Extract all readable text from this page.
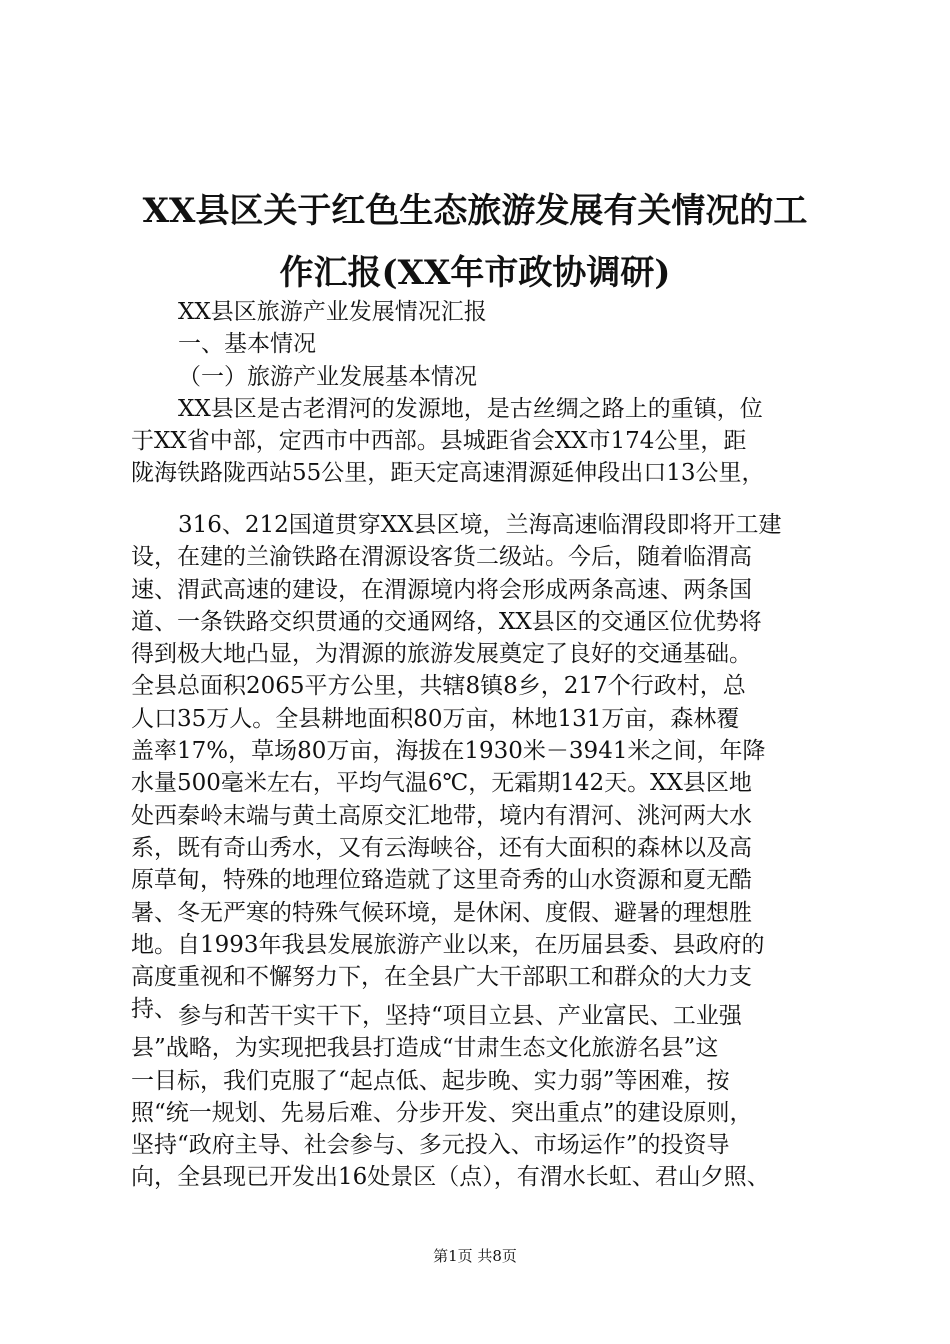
XX县区关于红色生态旅游发展有关情况的工
作汇报(XX年市政协调研)
XX县区旅游产业发展情况汇报
一、基本情况
（一）旅游产业发展基本情况
XX县区是古老渭河的发源地，是古丝绸之路上的重镇，位
于XX省中部，定西市中西部。县城距省会XX市174公里，距
陇海铁路陇西站55公里，距天定高速渭源延伸段出口13公里，
316、212国道贯穿XX县区境，兰海高速临渭段即将开工建
设，在建的兰渝铁路在渭源设客货二级站。今后，随着临渭高
速、渭武高速的建设，在渭源境内将会形成两条高速、两条国
道、一条铁路交织贯通的交通网络，XX县区的交通区位优势将
得到极大地凸显，为渭源的旅游发展奠定了良好的交通基础。
全县总面积2065平方公里，共辖8镇8乡，217个行政村，总
人口35万人。全县耕地面积80万亩，林地131万亩，森林覆
盖率17%，草场80万亩，海拔在1930米－3941米之间，年降
水量500毫米左右，平均气温6℃，无霜期142天。XX县区地
处西秦岭末端与黄土高原交汇地带，境内有渭河、洮河两大水
系，既有奇山秀水，又有云海峡谷，还有大面积的森林以及高
原草甸，特殊的地理位臵造就了这里奇秀的山水资源和夏无酷
暑、冬无严寒的特殊气候环境，是休闲、度假、避暑的理想胜
地。自1993年我县发展旅游产业以来，在历届县委、县政府的
高度重视和不懈努力下，在全县广大干部职工和群众的大力支
持、 参与和苦干实干下，坚持“项目立县、产业富民、工业强
县”战略，为实现把我县打造成“甘肃生态文化旅游名县”这
一目标，我们克服了“起点低、起步晚、实力弱”等困难，按
照“统一规划、先易后难、分步开发、突出重点”的建设原则，
坚持“政府主导、社会参与、多元投入、市场运作”的投资导
向，全县现已开发出16处景区（点），有渭水长虹、君山夕照、
第1页 共8页
